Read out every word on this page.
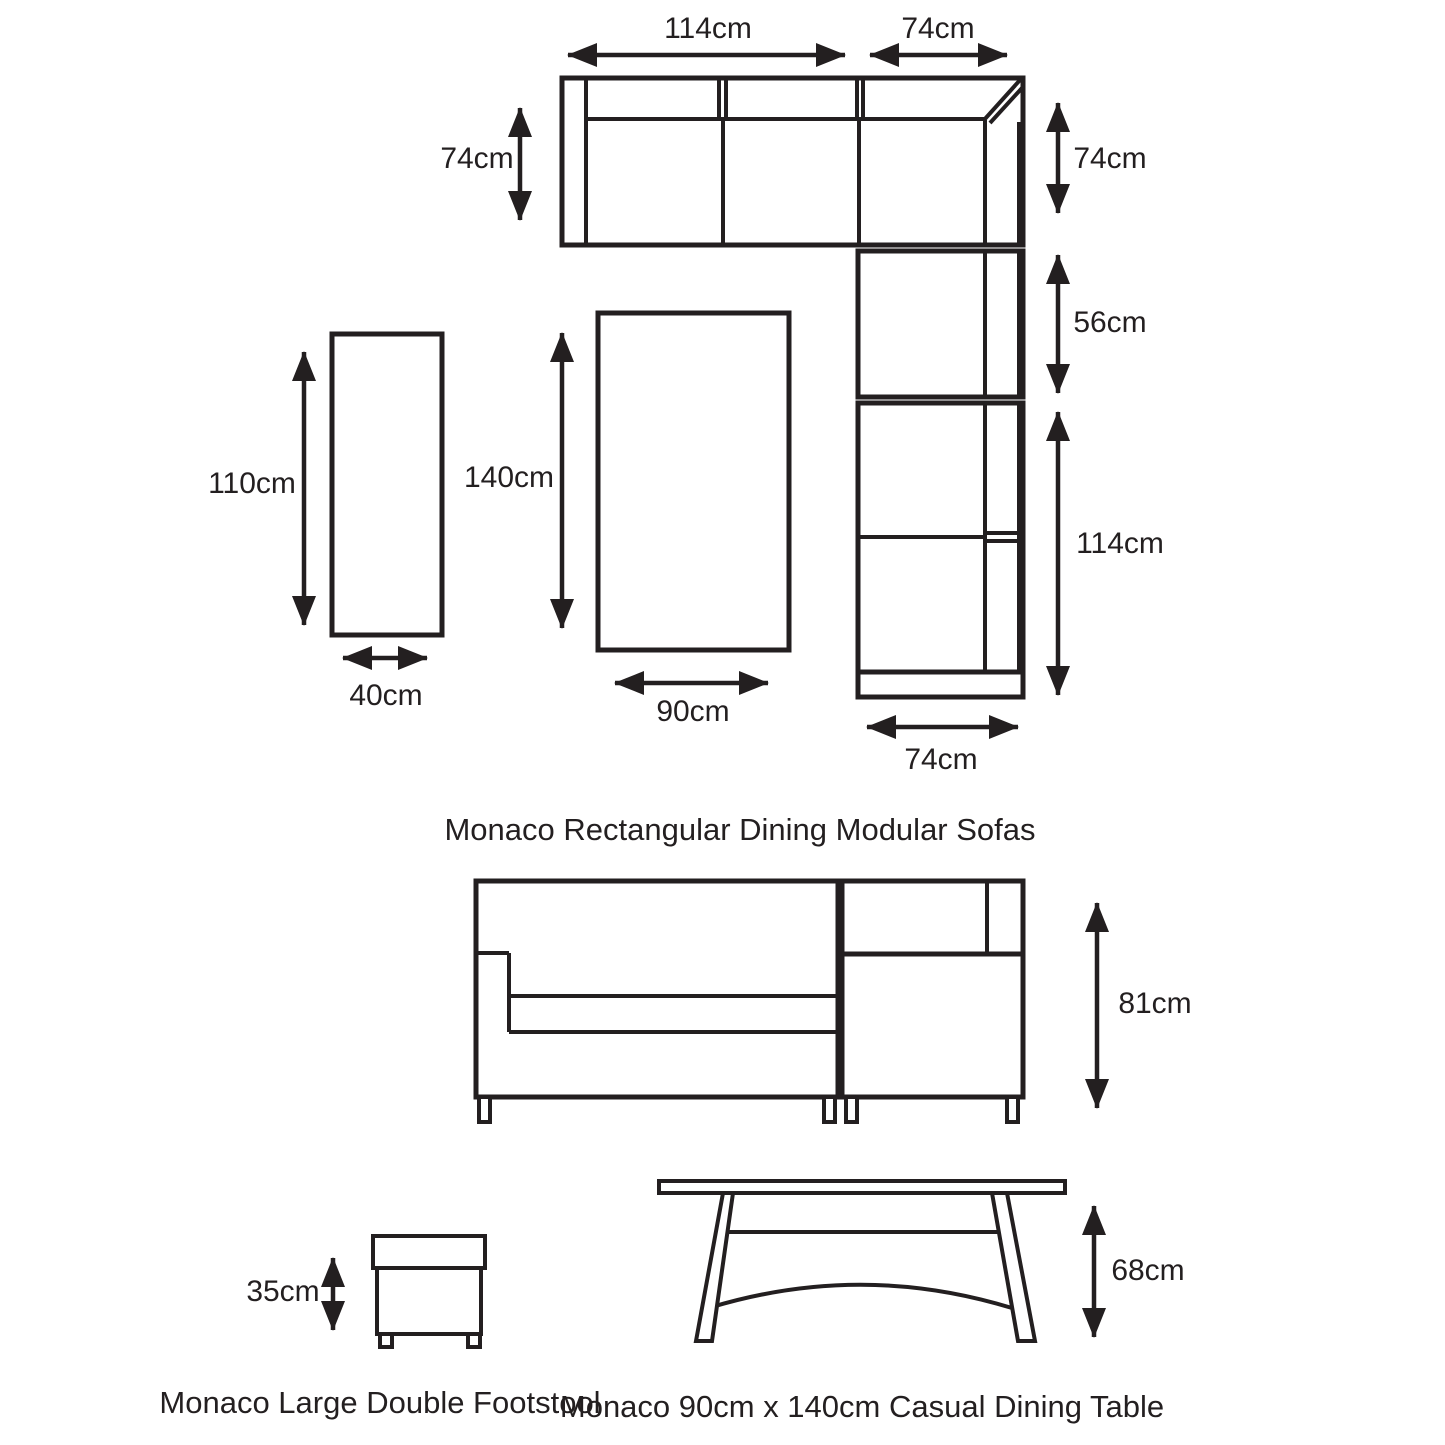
114cm	74cm
74cm	74cm
56cm
114cm
74cm
110cm
40cm
140cm
90cm
Monaco Rectangular Dining Modular Sofas
81cm
35cm
Monaco Large Double Footstool
68cm
Monaco 90cm x 140cm Casual Dining Table
